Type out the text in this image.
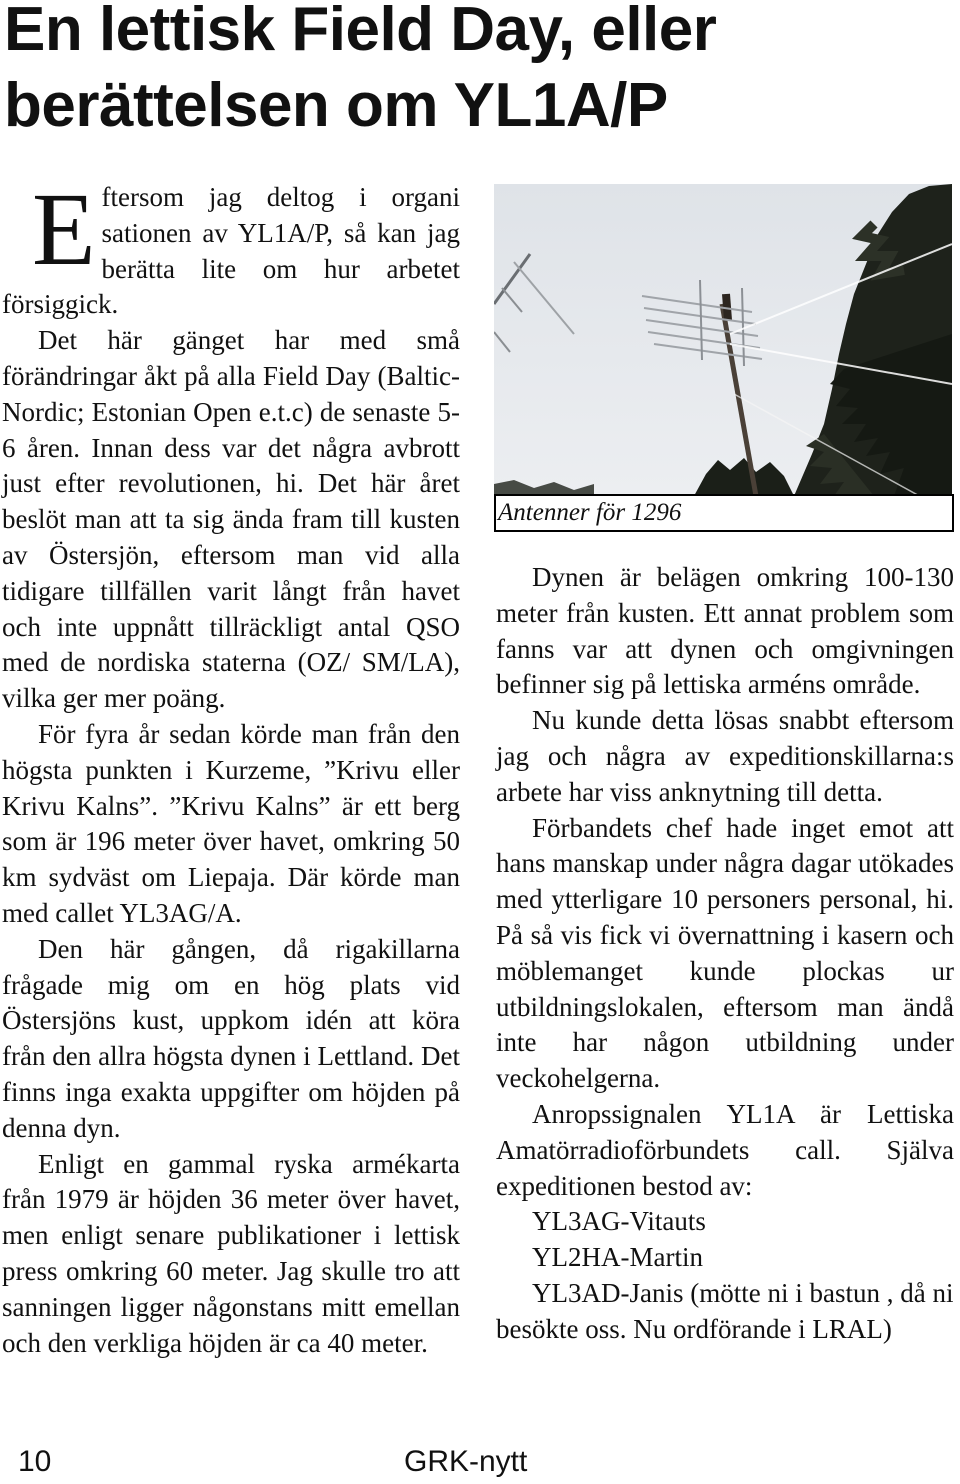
En lettisk Field Day, eller berättelsen om YL1A/P

Eftersom jag deltog i organi sationen av YL1A/P, så kan jag berätta lite om hur arbetet försiggick.

Det här gänget har med små förändringar åkt på alla Field Day (Baltic-Nordic; Estonian Open e.t.c) de senaste 5-6 åren. Innan dess var det några avbrott just efter revolutionen, hi. Det här året beslöt man att ta sig ända fram till kusten av Östersjön, eftersom man vid alla tidigare tillfällen varit långt från havet och inte uppnått tillräckligt antal QSO med de nordiska staterna (OZ/ SM/LA), vilka ger mer poäng.

För fyra år sedan körde man från den högsta punkten i Kurzeme, ”Krivu eller Krivu Kalns”. ”Krivu Kalns” är ett berg som är 196 meter över havet, omkring 50 km sydväst om Liepaja. Där körde man med callet YL3AG/A.

Den här gången, då rigakillarna frågade mig om en hög plats vid Östersjöns kust, uppkom idén att köra från den allra högsta dynen i Lettland. Det finns inga exakta uppgifter om höjden på denna dyn.

Enligt en gammal ryska armékarta från 1979 är höjden 36 meter över havet, men enligt senare publikationer i lettisk press omkring 60 meter. Jag skulle tro att sanningen ligger någonstans mitt emellan och den verkliga höjden är ca 40 meter.

Antenner för 1296

Dynen är belägen omkring 100-130 meter från kusten. Ett annat problem som fanns var att dynen och omgivningen befinner sig på lettiska arméns område.

Nu kunde detta lösas snabbt eftersom jag och några av expeditionskillarna:s arbete har viss anknytning till detta.

Förbandets chef hade inget emot att hans manskap under några dagar utökades med ytterligare 10 personers personal, hi. På så vis fick vi övernattning i kasern och möblemanget kunde plockas ur utbildningslokalen, eftersom man ändå inte har någon utbildning under veckohelgerna.

Anropssignalen YL1A är Lettiska Amatörradioförbundets call. Själva expeditionen bestod av:

YL3AG-Vitauts

YL2HA-Martin

YL3AD-Janis (mötte ni i bastun , då ni besökte oss. Nu ordförande i LRAL)

10	GRK-nytt
